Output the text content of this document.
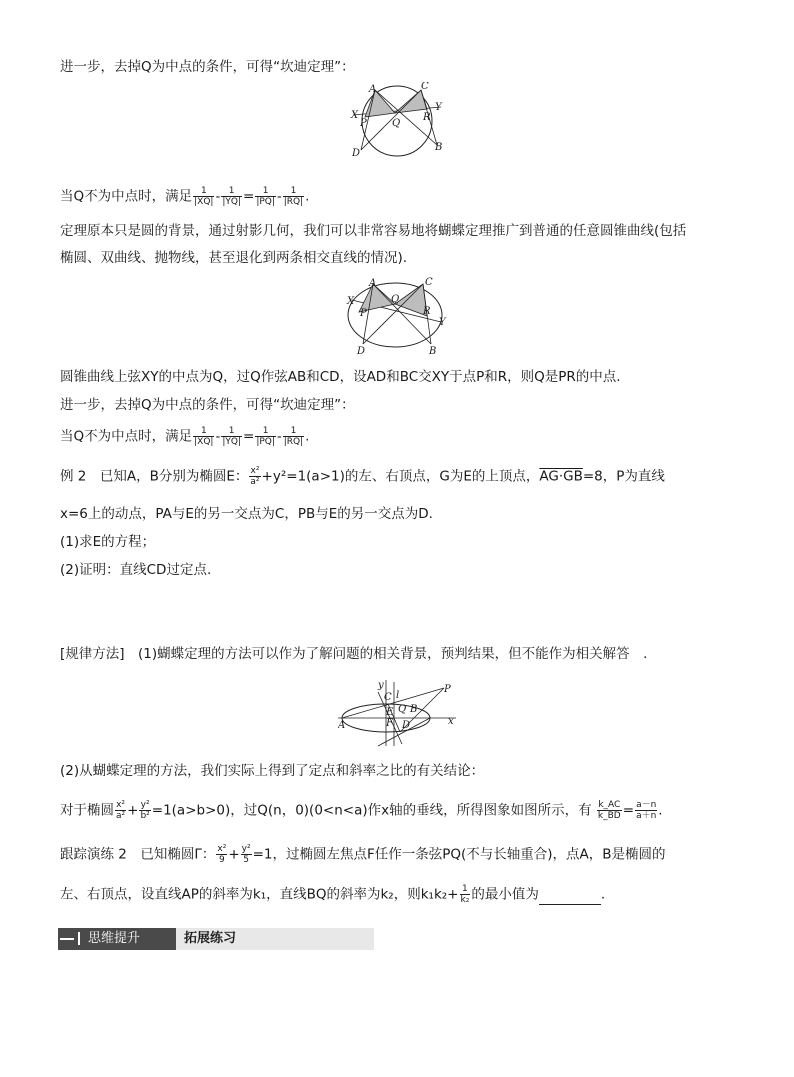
进一步，去掉Q为中点的条件，可得“坎迪定理”：
A	C
X
Y
P	Q
R
D
B
当Q不为中点时，满足 $\frac{1}{|XQ|} - \frac{1}{|YQ|} = \frac{1}{|PQ|} - \frac{1}{|RQ|}$ .
定理原本只是圆的背景，通过射影几何，我们可以非常容易地将蝴蝶定理推广到普通的任意圆锥曲线(包括
椭圆、双曲线、抛物线，甚至退化到两条相交直线的情况).
A	C
X
Y
P
Q
R
D	B
圆锥曲线上弦XY的中点为Q，过Q作弦AB和CD，设AD和BC交XY于点P和R，则Q是PR的中点.
进一步，去掉Q为中点的条件，可得“坎迪定理”：
当Q不为中点时，满足 $\frac{1}{|XQ|} - \frac{1}{|YQ|} = \frac{1}{|PQ|} - \frac{1}{|RQ|}$ .
例 2　已知A，B分别为椭圆E： $\frac{\text{x²}}{\text{a²}} +y^2=1(a>1)$的左、右顶点，G为E的上顶点，AG·GB=8，P为直线
x=6上的动点，PA与E的另一交点为C，PB与E的另一交点为D.
(1)求E的方程；
(2)证明：直线CD过定点.
[规律方法]　(1)蝴蝶定理的方法可以作为了解问题的相关背景，预判结果，但不能作为相关解答　.
y
C l
P
E Q B
A	F D	x
(2)从蝴蝶定理的方法，我们实际上得到了定点和斜率之比的有关结论：
对于椭圆 $\frac{\text{x²}}{\text{a²}} + \frac{\text{y²}}{\text{b²}} =1(a>b>0)$，过Q(n，0)(0<n<a)作x轴的垂线，所得图象如图所示，有 $\frac{k\_AC}{k\_BD} = \frac{a-n}{a+n}$ .
跟踪演练 2　已知椭圆Γ： $\frac{\text{x²}}{9} + \frac{\text{y²}}{5} =1$，过椭圆左焦点F任作一条弦PQ(不与长轴重合)，点A，B是椭圆的
左、右顶点，设直线AP的斜率为k₁，直线BQ的斜率为k₂，则$k_1k_2+ \frac{1}{\text{k₂}}$ 的最小值为	.
思维提升	拓展练习
